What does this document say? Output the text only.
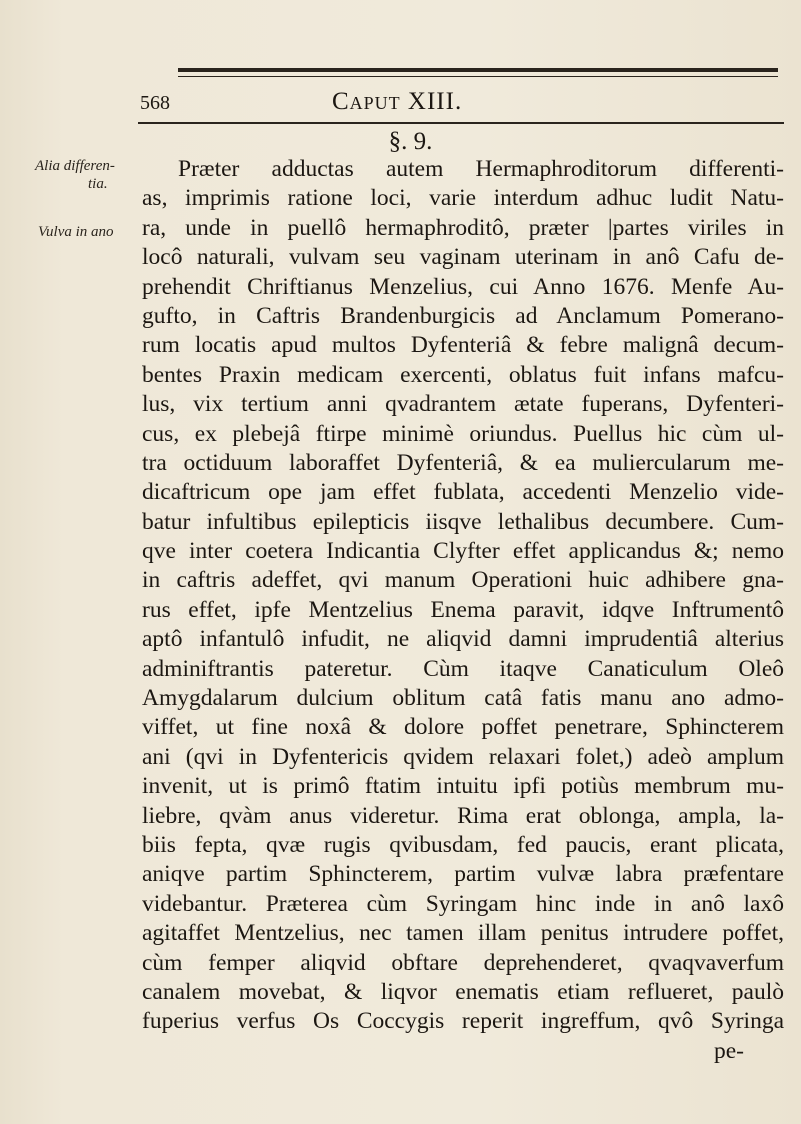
568	Caput XIII.
§. 9.
Alia differen-
tia.
Vulva in ano
Præter adductas autem Hermaphroditorum differenti-
as, imprimis ratione loci, varie interdum adhuc ludit Natu-
ra, unde in puellô hermaphroditô, præter |partes viriles in
locô naturali, vulvam seu vaginam uterinam in anô Cafu de-
prehendit Chriftianus Menzelius, cui Anno 1676. Menfe Au-
gufto, in Caftris Brandenburgicis ad Anclamum Pomerano-
rum locatis apud multos Dyfenteriâ & febre malignâ decum-
bentes Praxin medicam exercenti, oblatus fuit infans mafcu-
lus, vix tertium anni qvadrantem ætate fuperans, Dyfenteri-
cus, ex plebejâ ftirpe minimè oriundus. Puellus hic cùm ul-
tra octiduum laboraffet Dyfenteriâ, & ea muliercularum me-
dicaftricum ope jam effet fublata, accedenti Menzelio vide-
batur infultibus epilepticis iisqve lethalibus decumbere. Cum-
qve inter coetera Indicantia Clyfter effet applicandus &; nemo
in caftris adeffet, qvi manum Operationi huic adhibere gna-
rus effet, ipfe Mentzelius Enema paravit, idqve Inftrumentô
aptô infantulô infudit, ne aliqvid damni imprudentiâ alterius
adminiftrantis pateretur. Cùm itaqve Canaticulum Oleô
Amygdalarum dulcium oblitum catâ fatis manu ano admo-
viffet, ut fine noxâ & dolore poffet penetrare, Sphincterem
ani (qvi in Dyfentericis qvidem relaxari folet,) adeò amplum
invenit, ut is primô ftatim intuitu ipfi potiùs membrum mu-
liebre, qvàm anus videretur. Rima erat oblonga, ampla, la-
biis fepta, qvæ rugis qvibusdam, fed paucis, erant plicata,
aniqve partim Sphincterem, partim vulvæ labra præfentare
videbantur. Præterea cùm Syringam hinc inde in anô laxô
agitaffet Mentzelius, nec tamen illam penitus intrudere poffet,
cùm femper aliqvid obftare deprehenderet, qvaqvaverfum
canalem movebat, & liqvor enematis etiam reflueret, paulò
fuperius verfus Os Coccygis reperit ingreffum, qvô Syringa
pe-
